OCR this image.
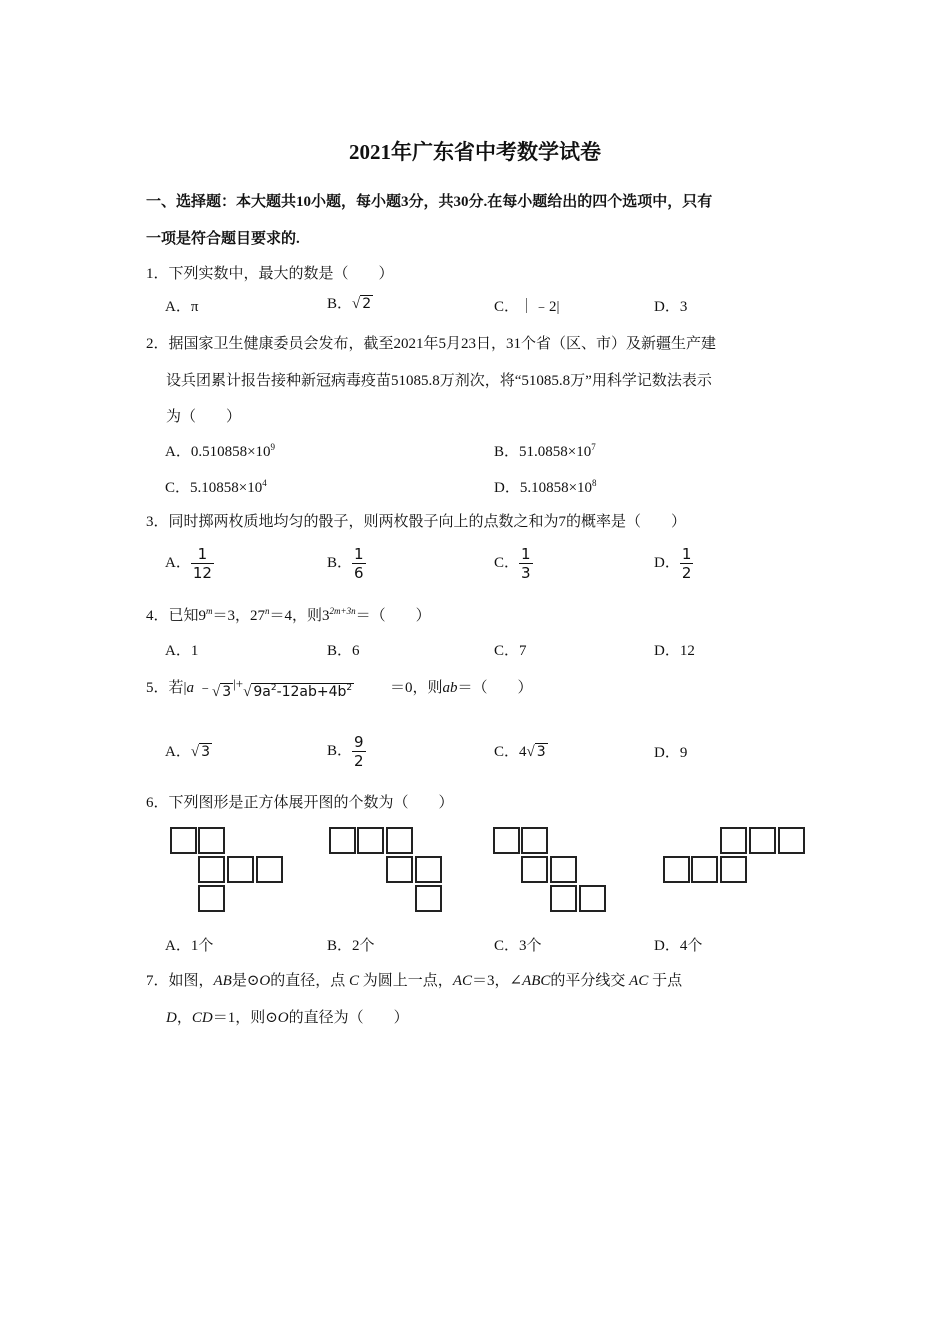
2021年广东省中考数学试卷
一、选择题：本大题共10小题，每小题3分，共30分.在每小题给出的四个选项中，只有
一项是符合题目要求的.
1．下列实数中，最大的数是（　　）
A．π	B．√ 2	C．｜﹣2|	D．3
2．据国家卫生健康委员会发布，截至2021年5月23日，31个省（区、市）及新疆生产建
设兵团累计报告接种新冠病毒疫苗51085.8万剂次，将“51085.8万”用科学记数法表示
为（　　）
A．$0.510858\times 10^9$	B．$51.0858\times 10^7$
C．$5.10858\times 10^4$	D．$5.10858\times 10^8$
3．同时掷两枚质地均匀的骰子，则两枚骰子向上的点数之和为7的概率是（　　）
A． $\frac{1}{12}$	B． $\frac{1}{6}$	C． $\frac{1}{3}$	D． $\frac{1}{2}$
4．已知$9^m=3$，$27^n=4$，则$3^{2m+3n}=$（　　）
A．1	B．6	C．7	D．12
5．若|a ﹣ √ 3|+√ $9a^2-12ab+4b^2$	＝0，则ab＝（　　）
A．√ 3	B． $\frac{9}{2}$	C．4√ 3	D．9
6．下列图形是正方体展开图的个数为（　　）
A．1个	B．2个	C．3个	D．4个
7．如图，AB是⊙O的直径，点 C 为圆上一点，AC＝3，∠ABC的平分线交 AC 于点
D，CD＝1，则⊙O的直径为（　　）
